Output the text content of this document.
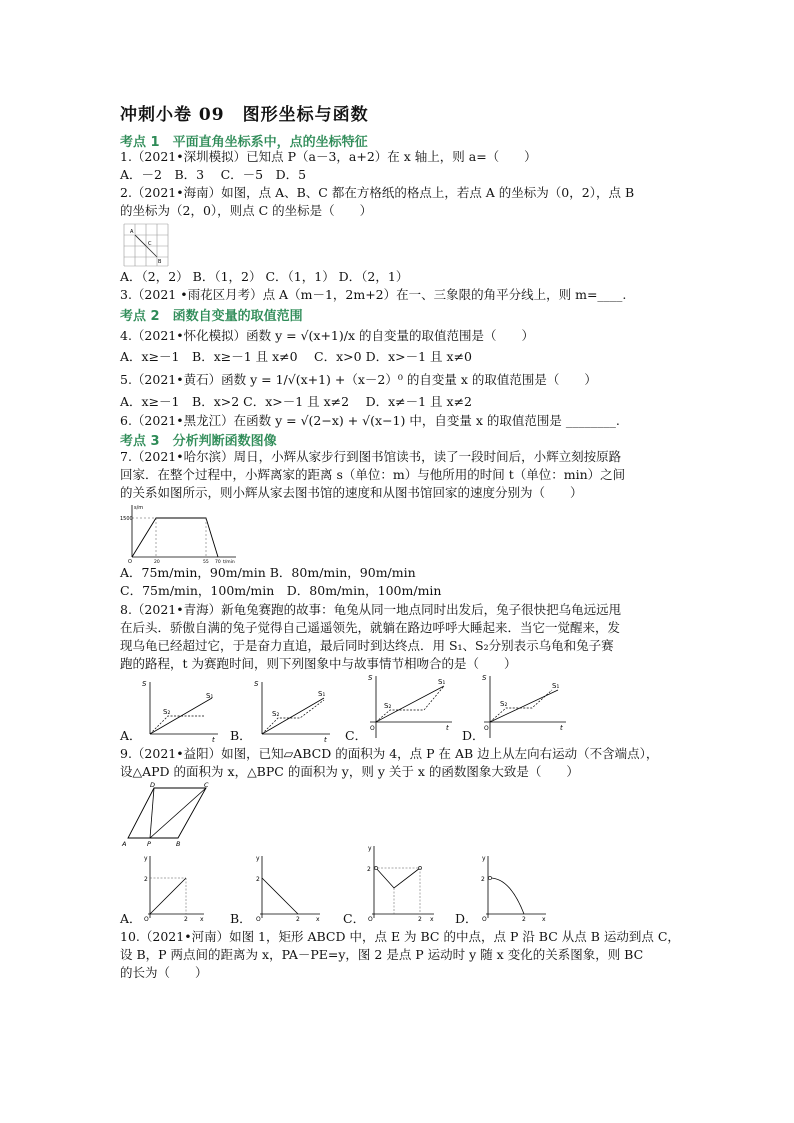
冲刺小卷 09　图形坐标与函数
考点 1　平面直角坐标系中，点的坐标特征
1.（2021•深圳模拟）已知点 P（a－3，a+2）在 x 轴上，则 a=（　　）
A．－2　B．3　 C．－5　D．5
2.（2021•海南）如图，点 A、B、C 都在方格纸的格点上，若点 A 的坐标为（0，2），点 B
的坐标为（2，0），则点 C 的坐标是（　　）
A
C
B
A．（2，2） B．（1，2） C．（1，1） D．（2，1）
3.（2021 •雨花区月考）点 A（m－1，2m+2）在一、三象限的角平分线上，则 m=____.
考点 2　函数自变量的取值范围
4.（2021•怀化模拟）函数 y = √(x+1)/x 的自变量的取值范围是（　　）
A．x≥－1　B．x≥－1 且 x≠0　 C．x>0 D．x>－1 且 x≠0
5.（2021•黄石）函数 y = 1/√(x+1) +（x－2）⁰ 的自变量 x 的取值范围是（　　）
A．x≥－1　B．x>2 C．x>－1 且 x≠2　 D．x≠－1 且 x≠2
6.（2021•黑龙江）在函数 y = √(2−x) + √(x−1) 中，自变量 x 的取值范围是 ________.
考点 3　分析判断函数图像
7.（2021•哈尔滨）周日，小辉从家步行到图书馆读书，读了一段时间后，小辉立刻按原路
回家．在整个过程中，小辉离家的距离 s（单位：m）与他所用的时间 t（单位：min）之间
的关系如图所示，则小辉从家去图书馆的速度和从图书馆回家的速度分别为（　　）
s/m
1500
O	20	55 70 t/min
A．75m/min，90m/min B．80m/min，90m/min
C．75m/min，100m/min　D．80m/min，100m/min
8.（2021•青海）新龟兔赛跑的故事：龟兔从同一地点同时出发后，兔子很快把乌龟远远甩
在后头．骄傲自满的兔子觉得自己遥遥领先，就躺在路边呼呼大睡起来．当它一觉醒来，发
现乌龟已经超过它，于是奋力直追，最后同时到达终点．用 S₁、S₂分别表示乌龟和兔子赛
跑的路程，t 为赛跑时间，则下列图象中与故事情节相吻合的是（　　）
A．
S
t
S₁
S₂
B．
S
t
S₁
S₂
C．
S
t
S₁
S₂
O	D．
S
t
S₁
S₂
O
9.（2021•益阳）如图，已知▱ABCD 的面积为 4，点 P 在 AB 边上从左向右运动（不含端点），
设△APD 的面积为 x，△BPC 的面积为 y，则 y 关于 x 的函数图象大致是（　　）
A	P	B
C
D
A．
y
x
2
2
O	B．
y
x
2
2
O	C．
y
x
2
2
O	D．
y
x
2
2
O
10.（2021•河南）如图 1，矩形 ABCD 中，点 E 为 BC 的中点，点 P 沿 BC 从点 B 运动到点 C，
设 B，P 两点间的距离为 x，PA－PE=y，图 2 是点 P 运动时 y 随 x 变化的关系图象，则 BC
的长为（　　）
